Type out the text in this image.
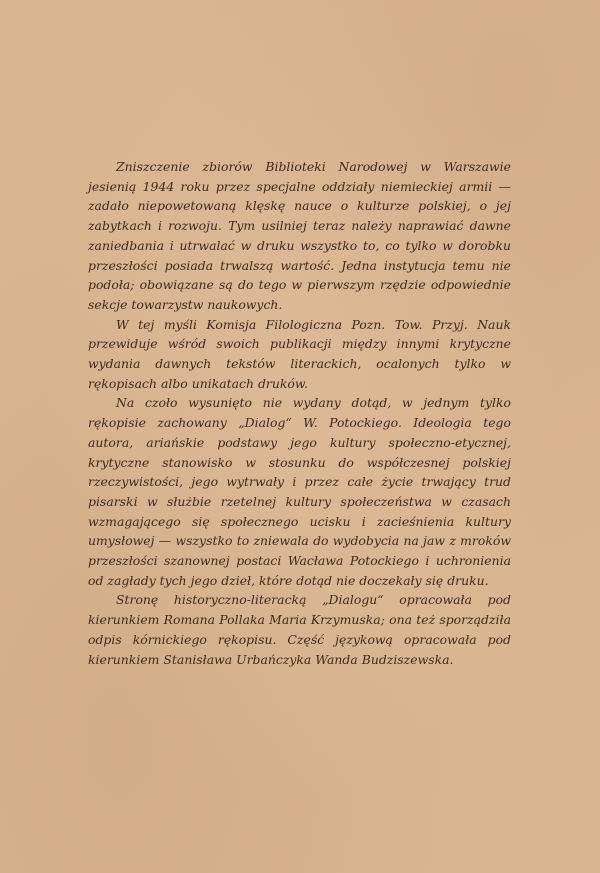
Zniszczenie zbiorów Biblioteki Narodowej w Warszawie jesienią 1944 roku przez specjalne oddziały niemieckiej armii — zadało niepowetowaną klęskę nauce o kulturze polskiej, o jej zabytkach i rozwoju. Tym usilniej teraz należy naprawiać dawne zaniedbania i utrwalać w druku wszystko to, co tylko w dorobku przeszłości posiada trwalszą wartość. Jedna instytucja temu nie podoła; obowiązane są do tego w pierwszym rzędzie odpowiednie sekcje towarzystw naukowych.

W tej myśli Komisja Filologiczna Pozn. Tow. Przyj. Nauk przewiduje wśród swoich publikacji między innymi krytyczne wydania dawnych tekstów literackich, ocalonych tylko w rękopisach albo unikatach druków.

Na czoło wysunięto nie wydany dotąd, w jednym tylko rękopisie zachowany „Dialog“ W. Potockiego. Ideologia tego autora, ariańskie podstawy jego kultury społeczno-etycznej, krytyczne stanowisko w stosunku do współczesnej polskiej rzeczywistości, jego wytrwały i przez całe życie trwający trud pisarski w służbie rzetelnej kultury społeczeństwa w czasach wzmagającego się społecznego ucisku i zacieśnienia kultury umysłowej — wszystko to zniewala do wydobycia na jaw z mroków przeszłości szanownej postaci Wacława Potockiego i uchronienia od zagłady tych jego dzieł, które dotąd nie doczekały się druku.

Stronę historyczno-literacką „Dialogu“ opracowała pod kierunkiem Romana Pollaka Maria Krzymuska; ona też sporządziła odpis kórnickiego rękopisu. Część językową opracowała pod kierunkiem Stanisława Urbańczyka Wanda Budziszewska.
